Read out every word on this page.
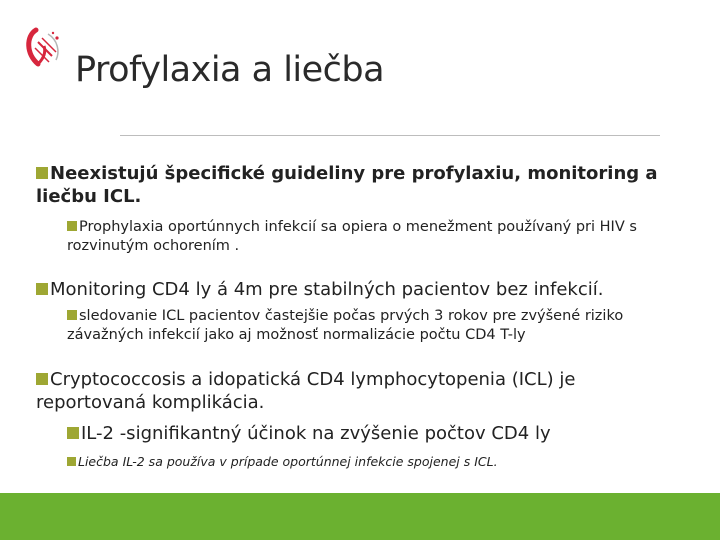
Profylaxia a liečba
Neexistujú špecifické guideliny pre profylaxiu, monitoring a liečbu ICL.
Prophylaxia oportúnnych infekcií sa opiera o menežment používaný pri HIV s rozvinutým ochorením .
Monitoring CD4 ly á 4m pre stabilných pacientov bez infekcií.
sledovanie ICL pacientov častejšie počas prvých 3 rokov pre zvýšené riziko závažných infekcií jako aj možnosť normalizácie počtu CD4 T-ly
Cryptococcosis a idopatická CD4 lymphocytopenia (ICL) je reportovaná komplikácia.
IL-2 -signifikantný účinok na zvýšenie počtov CD4 ly
Liečba IL-2 sa používa v prípade oportúnnej infekcie spojenej s ICL.
